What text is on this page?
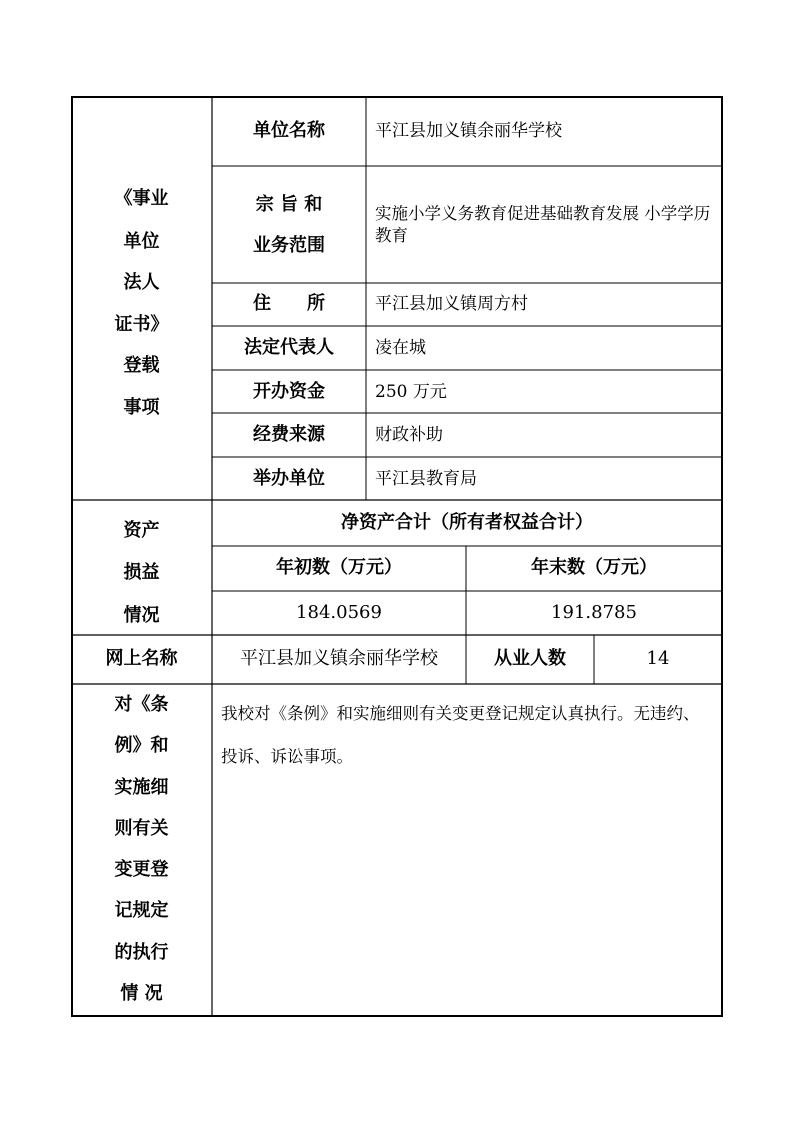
《事业
单位
法人
证书》
登载
事项
单位名称	平江县加义镇余丽华学校
宗 旨 和
业务范围
实施小学义务教育促进基础教育发展 小学学历教育
住　　所	平江县加义镇周方村
法定代表人	凌在城
开办资金	250 万元
经费来源	财政补助
举办单位	平江县教育局
资产
损益
情况
净资产合计（所有者权益合计）
年初数（万元）	年末数（万元）
184.0569	191.8785
网上名称	平江县加义镇余丽华学校	从业人数	14
对《条
例》和
实施细
则有关
变更登
记规定
的执行
情 况
我校对《条例》和实施细则有关变更登记规定认真执行。无违约、投诉、诉讼事项。
